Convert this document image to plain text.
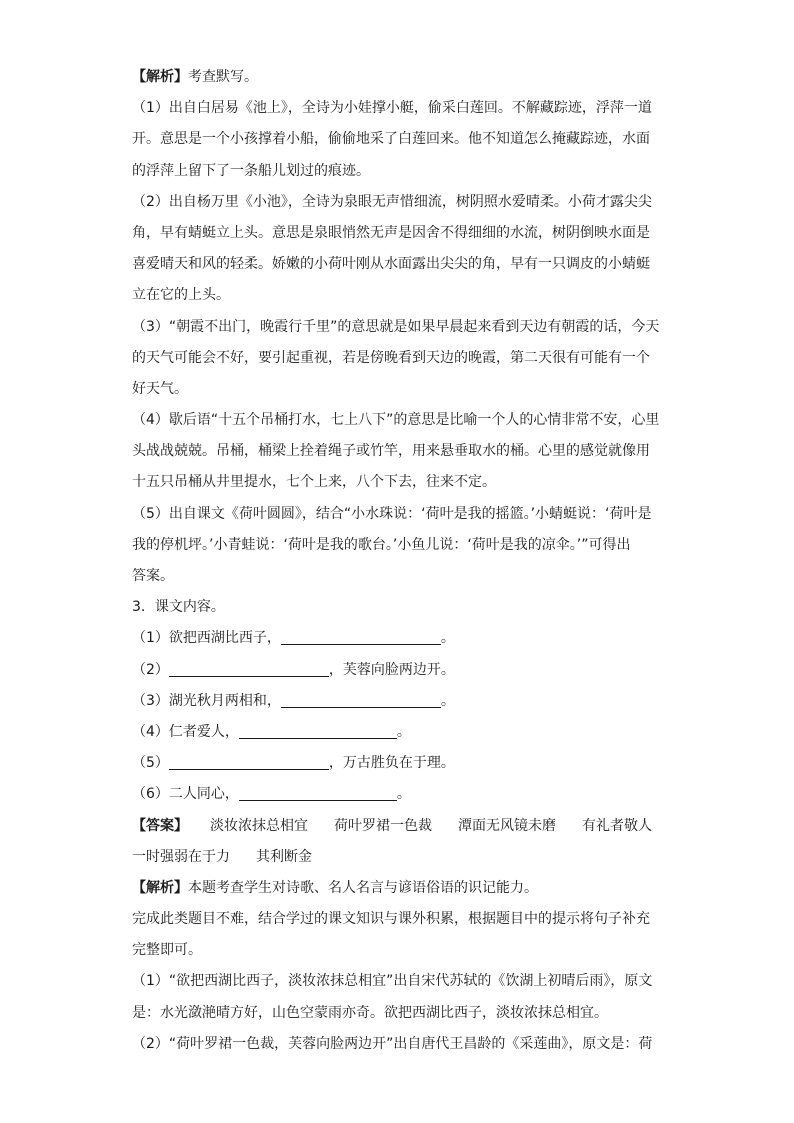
【解析】考查默写。
（1）出自白居易《池上》，全诗为小娃撑小艇，偷采白莲回。不解藏踪迹，浮萍一道
开。意思是一个小孩撑着小船，偷偷地采了白莲回来。他不知道怎么掩藏踪迹，水面
的浮萍上留下了一条船儿划过的痕迹。
（2）出自杨万里《小池》，全诗为泉眼无声惜细流，树阴照水爱晴柔。小荷才露尖尖
角，早有蜻蜓立上头。意思是泉眼悄然无声是因舍不得细细的水流，树阴倒映水面是
喜爱晴天和风的轻柔。娇嫩的小荷叶刚从水面露出尖尖的角，早有一只调皮的小蜻蜓
立在它的上头。
（3）“朝霞不出门，晚霞行千里”的意思就是如果早晨起来看到天边有朝霞的话，今天
的天气可能会不好，要引起重视，若是傍晚看到天边的晚霞，第二天很有可能有一个
好天气。
（4）歇后语“十五个吊桶打水，七上八下”的意思是比喻一个人的心情非常不安，心里
头战战兢兢。吊桶，桶梁上拴着绳子或竹竿，用来悬垂取水的桶。心里的感觉就像用
十五只吊桶从井里提水，七个上来，八个下去，往来不定。
（5）出自课文《荷叶圆圆》，结合“小水珠说：‘荷叶是我的摇篮。’小蜻蜓说：‘荷叶是
我的停机坪。’小青蛙说：‘荷叶是我的歌台。’小鱼儿说：‘荷叶是我的凉伞。’”可得出
答案。
3．课文内容。
（1）欲把西湖比西子，	。
（2）	，芙蓉向脸两边开。
（3）湖光秋月两相和，	。
（4）仁者爱人，	。
（5）	，万古胜负在于理。
（6）二人同心，	。
【答案】 淡妆浓抹总相宜 荷叶罗裙一色裁 潭面无风镜未磨 有礼者敬人
一时强弱在于力 其利断金
【解析】本题考查学生对诗歌、名人名言与谚语俗语的识记能力。
完成此类题目不难，结合学过的课文知识与课外积累，根据题目中的提示将句子补充
完整即可。
（1）“欲把西湖比西子，淡妆浓抹总相宜”出自宋代苏轼的《饮湖上初晴后雨》，原文
是：水光潋滟晴方好，山色空蒙雨亦奇。欲把西湖比西子，淡妆浓抹总相宜。
（2）“荷叶罗裙一色裁，芙蓉向脸两边开”出自唐代王昌龄的《采莲曲》，原文是：荷
